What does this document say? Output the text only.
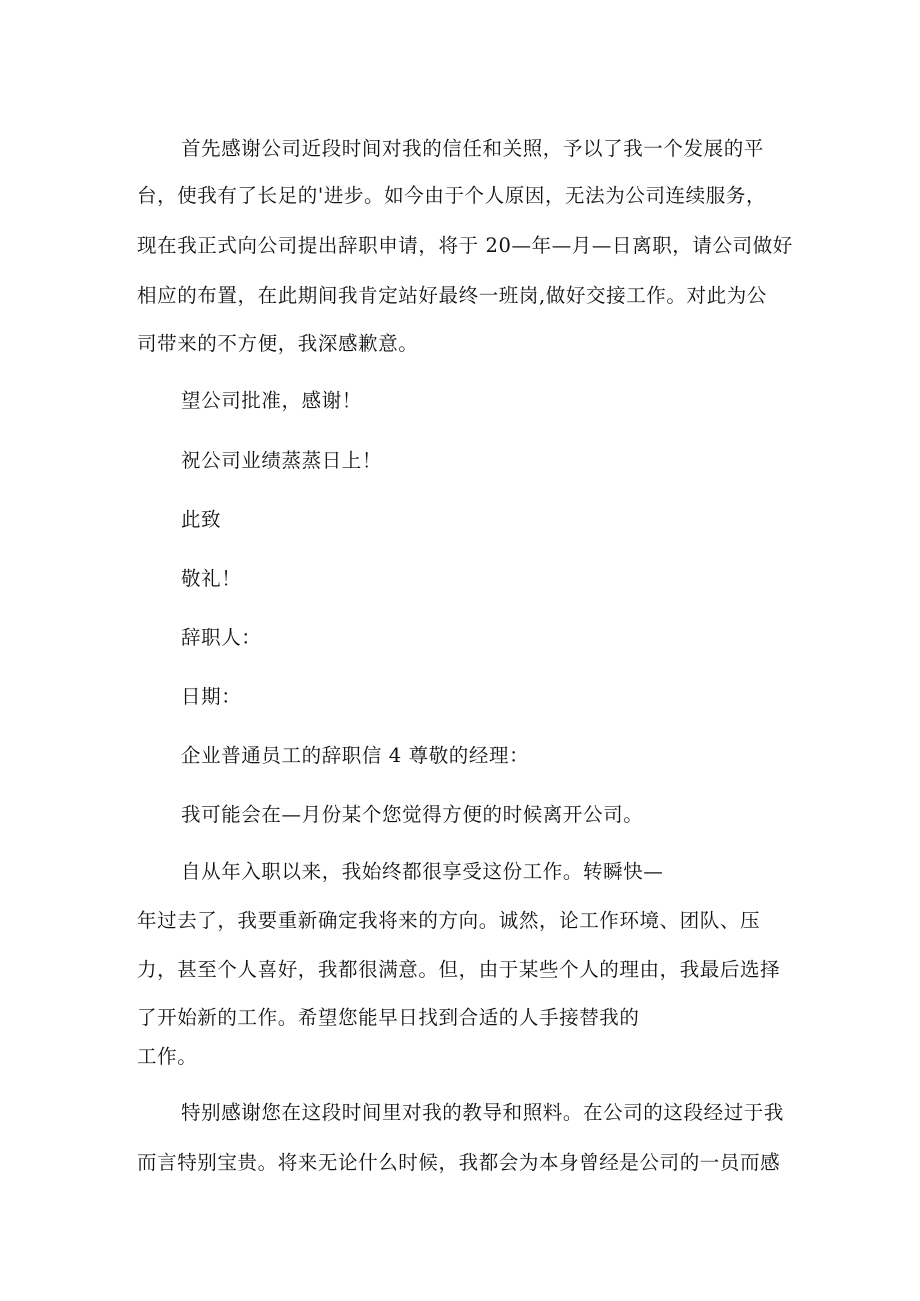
首先感谢公司近段时间对我的信任和关照，予以了我一个发展的平
台，使我有了长足的'进步。如今由于个人原因，无法为公司连续服务，
现在我正式向公司提出辞职申请，将于 20—年—月—日离职，请公司做好
相应的布置，在此期间我肯定站好最终一班岗,做好交接工作。对此为公
司带来的不方便，我深感歉意。
望公司批准，感谢！
祝公司业绩蒸蒸日上！
此致
敬礼！
辞职人：
日期：
企业普通员工的辞职信 4 尊敬的经理：
我可能会在—月份某个您觉得方便的时候离开公司。
自从年入职以来，我始终都很享受这份工作。转瞬快—
年过去了，我要重新确定我将来的方向。诚然，论工作环境、团队、压
力，甚至个人喜好，我都很满意。但，由于某些个人的理由，我最后选择
了开始新的工作。希望您能早日找到合适的人手接替我的
工作。
特别感谢您在这段时间里对我的教导和照料。在公司的这段经过于我
而言特别宝贵。将来无论什么时候，我都会为本身曾经是公司的一员而感
